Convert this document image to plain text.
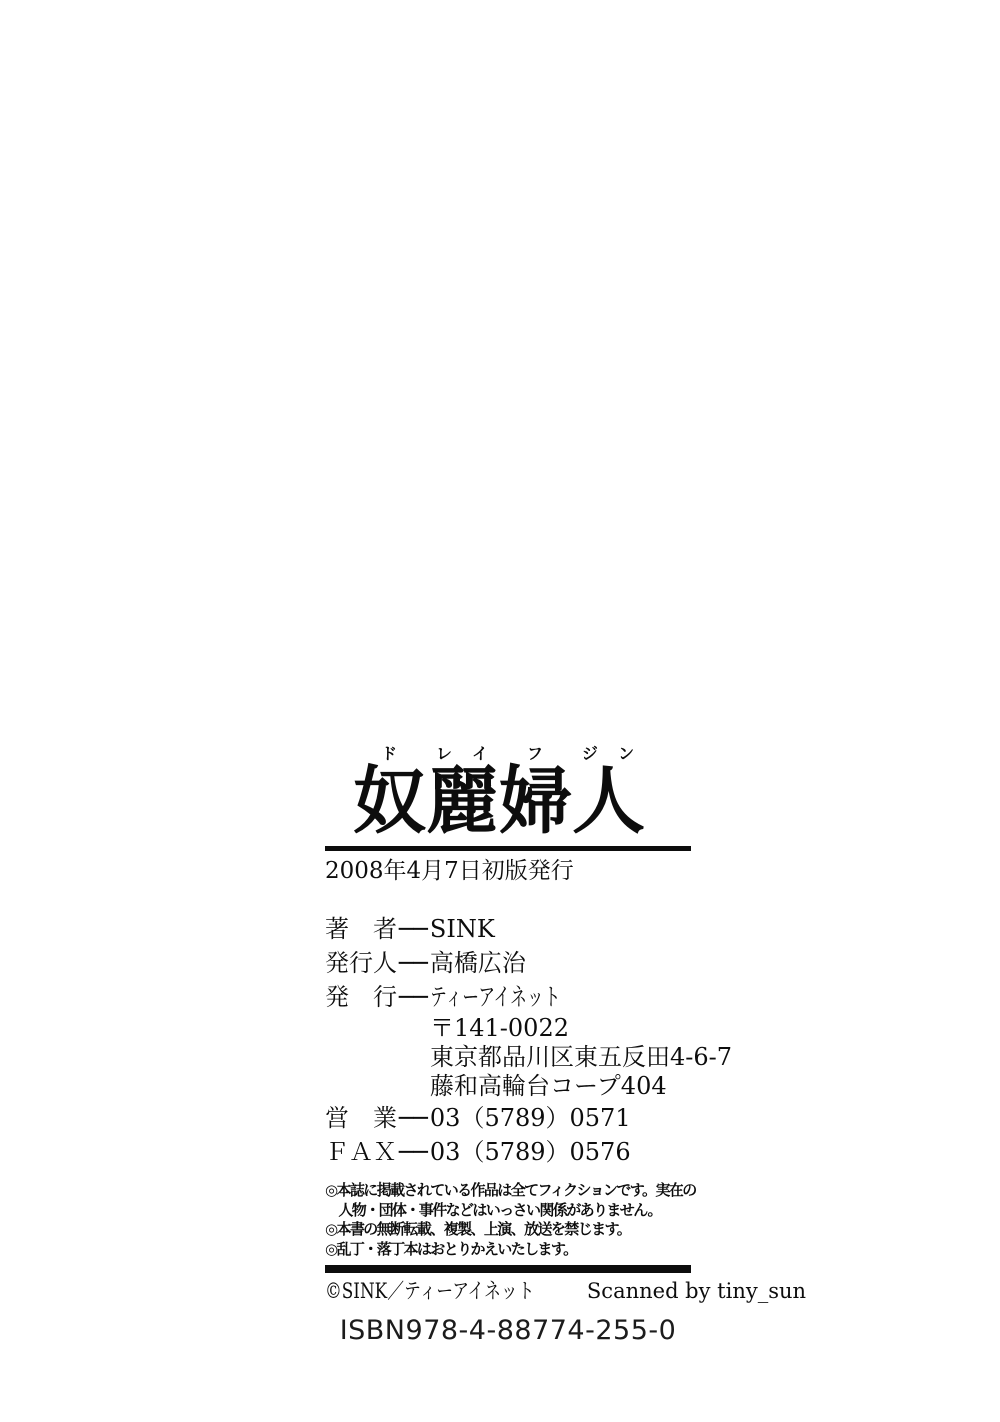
奴ド
麗レイ
婦フ
人ジン
2008年4月7日初版発行
著　者 ── SINK
発行人 ── 高橋広治
発　行 ── ティーアイネット
〒141-0022
東京都品川区東五反田4-6-7
藤和高輪台コープ404
営　業 ── 03（5789）0571
ＦＡＸ ── 03（5789）0576
◎本誌に掲載されている作品は全てフィクションです。実在の
　人物・団体・事件などはいっさい関係がありません。
◎本書の無断転載、複製、上演、放送を禁じます。
◎乱丁・落丁本はおとりかえいたします。
©SINK／ティーアイネット	Scanned by tiny_sun
ISBN978-4-88774-255-0
